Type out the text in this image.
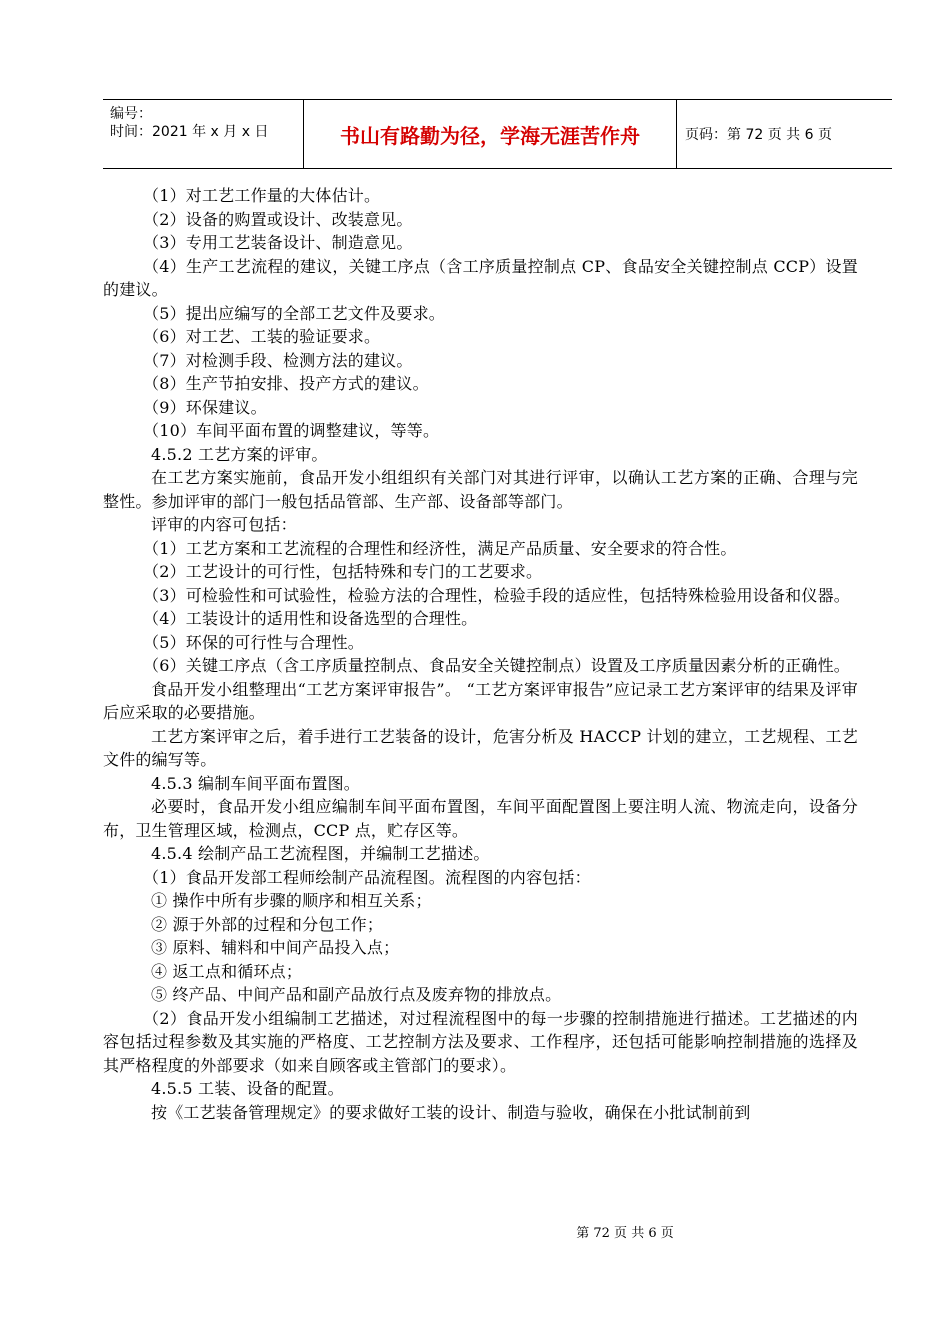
编号：
时间：2021 年 x 月 x 日	书山有路勤为径，学海无涯苦作舟	页码：第 72 页 共 6 页

（1）对工艺工作量的大体估计。

（2）设备的购置或设计、改装意见。

（3）专用工艺装备设计、制造意见。

（4）生产工艺流程的建议，关键工序点（含工序质量控制点 CP、食品安全关键控制点 CCP）设置的建议。

（5）提出应编写的全部工艺文件及要求。

（6）对工艺、工装的验证要求。

（7）对检测手段、检测方法的建议。

（8）生产节拍安排、投产方式的建议。

（9）环保建议。

（10）车间平面布置的调整建议，等等。

4.5.2 工艺方案的评审。

在工艺方案实施前，食品开发小组组织有关部门对其进行评审，以确认工艺方案的正确、合理与完整性。参加评审的部门一般包括品管部、生产部、设备部等部门。

评审的内容可包括：

（1）工艺方案和工艺流程的合理性和经济性，满足产品质量、安全要求的符合性。

（2）工艺设计的可行性，包括特殊和专门的工艺要求。

（3）可检验性和可试验性，检验方法的合理性，检验手段的适应性，包括特殊检验用设备和仪器。

（4）工装设计的适用性和设备选型的合理性。

（5）环保的可行性与合理性。

（6）关键工序点（含工序质量控制点、食品安全关键控制点）设置及工序质量因素分析的正确性。

食品开发小组整理出“工艺方案评审报告”。 “工艺方案评审报告”应记录工艺方案评审的结果及评审后应采取的必要措施。

工艺方案评审之后，着手进行工艺装备的设计，危害分析及 HACCP 计划的建立，工艺规程、工艺文件的编写等。

4.5.3 编制车间平面布置图。

必要时，食品开发小组应编制车间平面布置图，车间平面配置图上要注明人流、物流走向，设备分布，卫生管理区域，检测点，CCP 点，贮存区等。

4.5.4 绘制产品工艺流程图，并编制工艺描述。

（1）食品开发部工程师绘制产品流程图。流程图的内容包括：

① 操作中所有步骤的顺序和相互关系；

② 源于外部的过程和分包工作；

③ 原料、辅料和中间产品投入点；

④ 返工点和循环点；

⑤ 终产品、中间产品和副产品放行点及废弃物的排放点。

（2）食品开发小组编制工艺描述，对过程流程图中的每一步骤的控制措施进行描述。工艺描述的内容包括过程参数及其实施的严格度、工艺控制方法及要求、工作程序，还包括可能影响控制措施的选择及其严格程度的外部要求（如来自顾客或主管部门的要求）。

4.5.5 工装、设备的配置。

按《工艺装备管理规定》的要求做好工装的设计、制造与验收，确保在小批试制前到

第 72 页 共 6 页
